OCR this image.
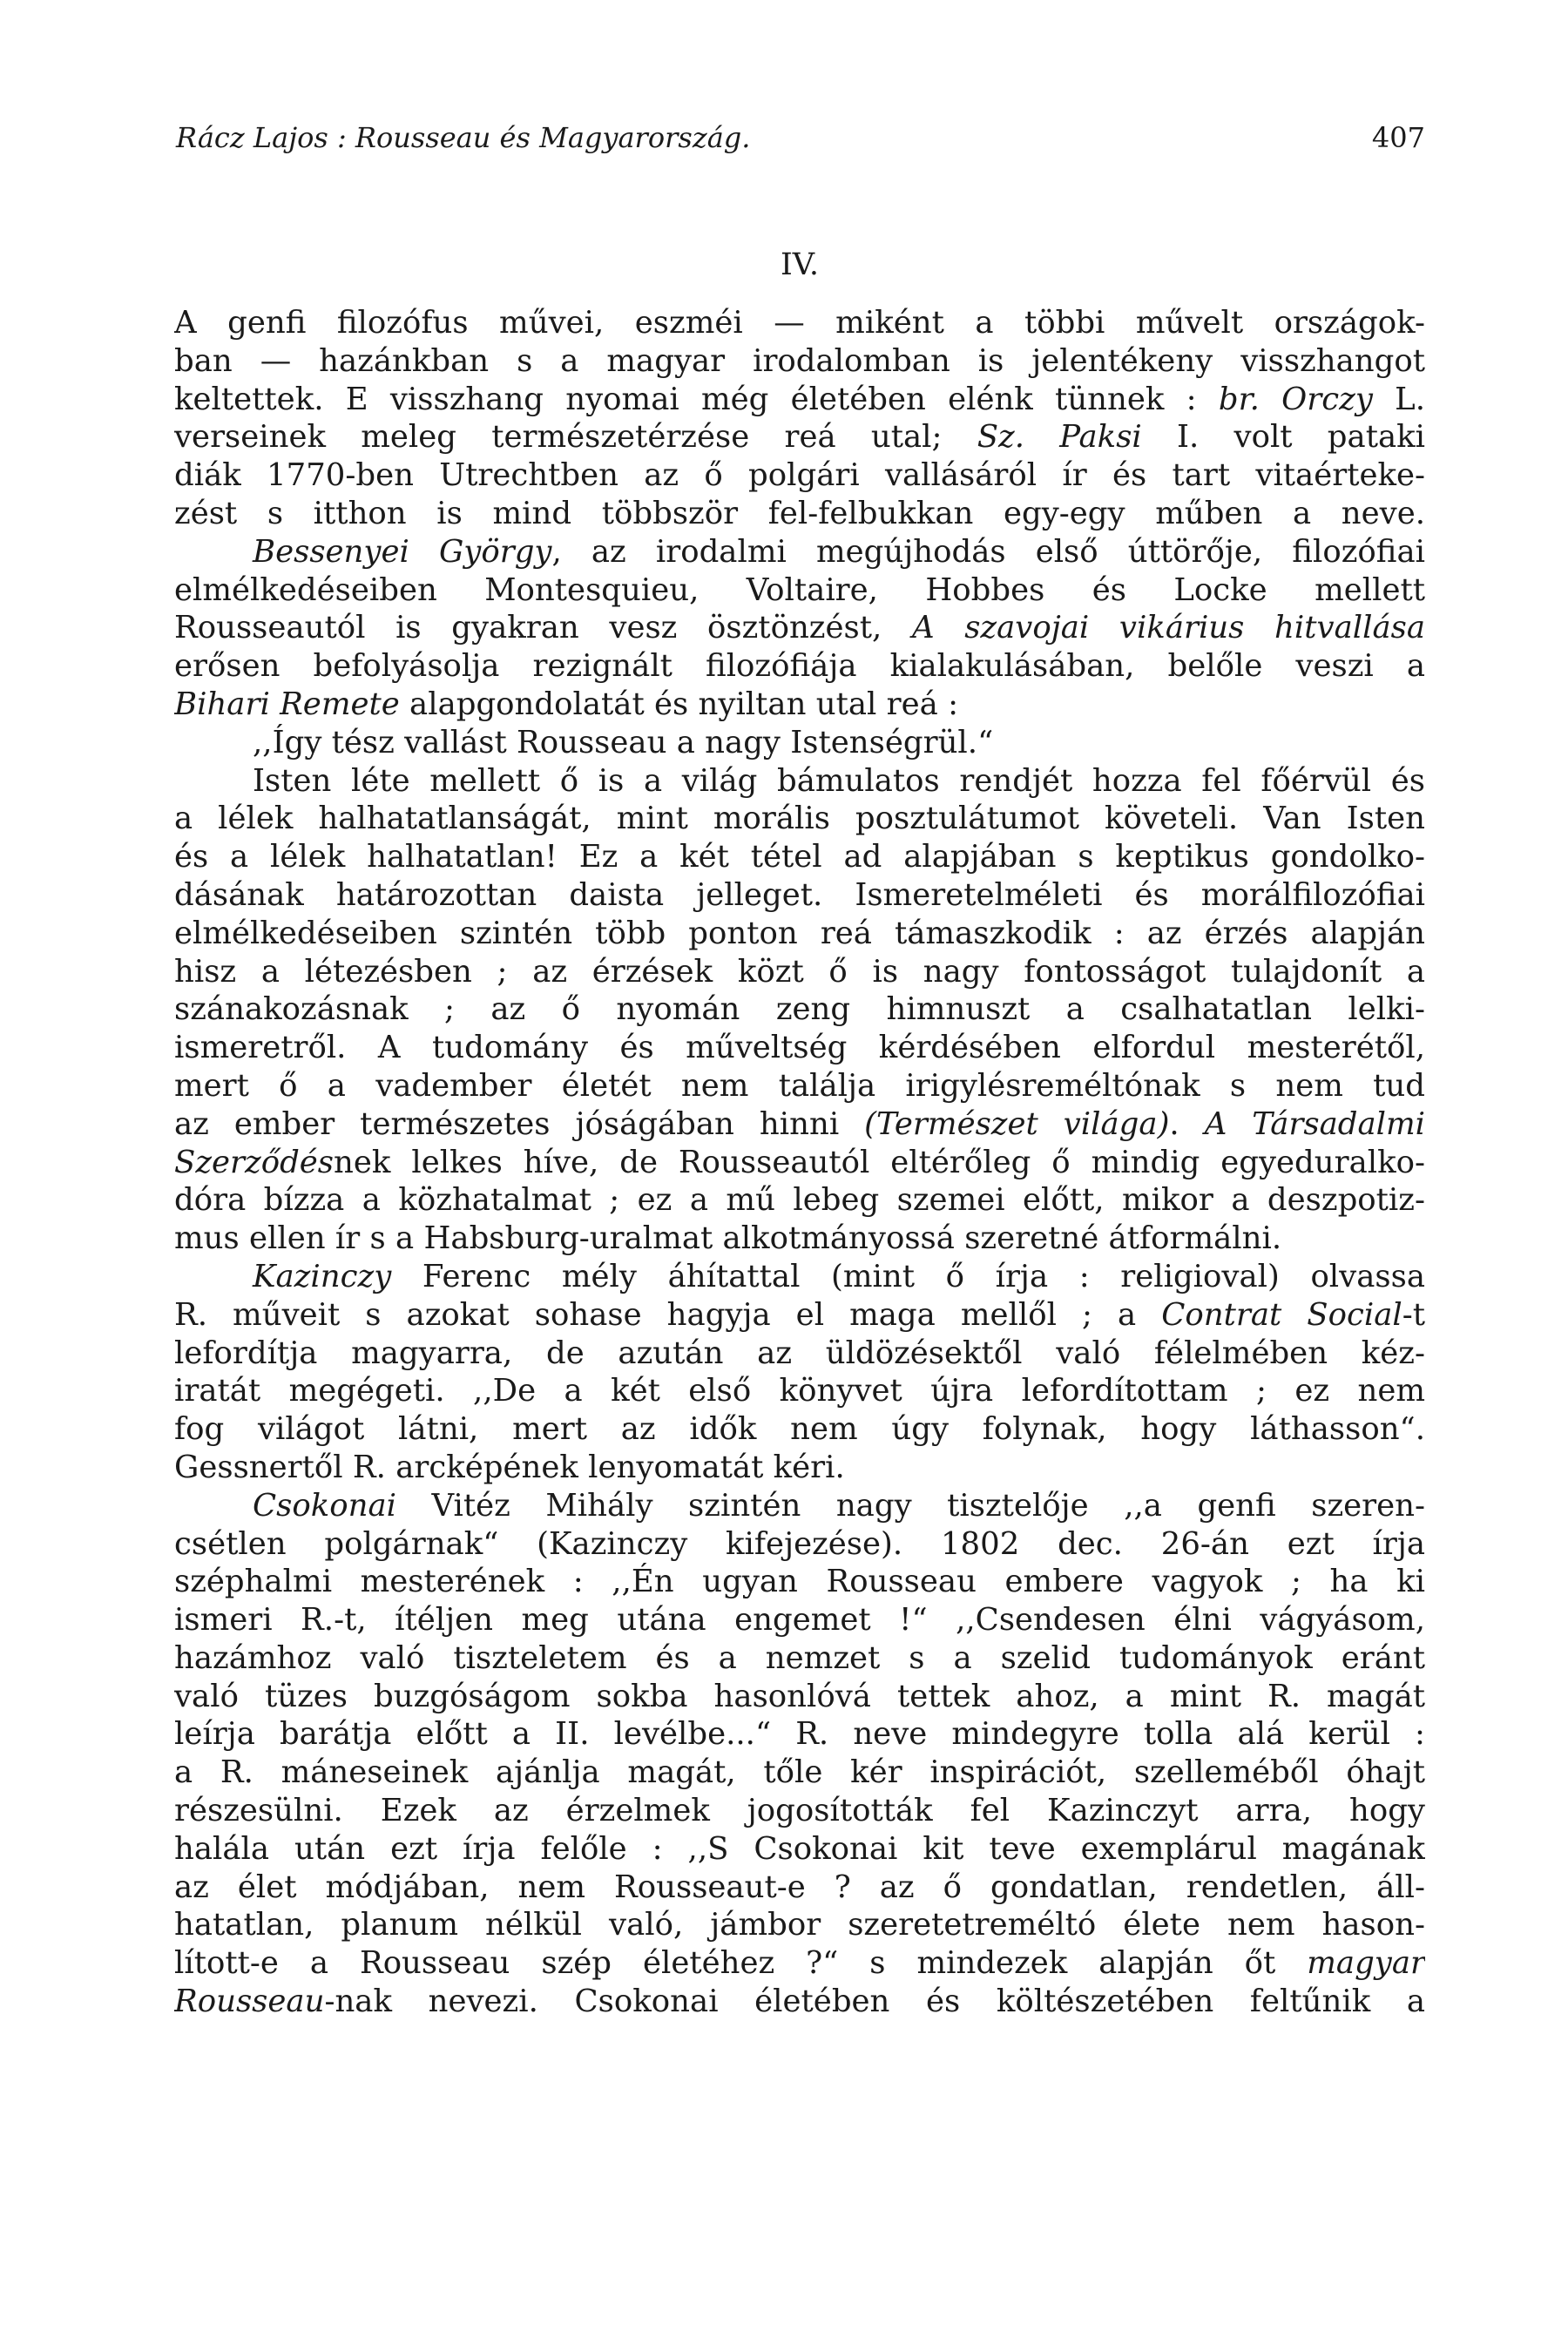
Rácz Lajos : Rousseau és Magyarország.	407
IV.
A genfi filozófus művei, eszméi — miként a többi művelt országok-
ban — hazánkban s a magyar irodalomban is jelentékeny visszhangot
keltettek. E visszhang nyomai még életében elénk tünnek : br. Orczy L.
verseinek meleg természetérzése reá utal; Sz. Paksi I. volt pataki
diák 1770-ben Utrechtben az ő polgári vallásáról ír és tart vitaérteke-
zést s itthon is mind többször fel-felbukkan egy-egy műben a neve.
Bessenyei György, az irodalmi megújhodás első úttörője, filozófiai
elmélkedéseiben Montesquieu, Voltaire, Hobbes és Locke mellett
Rousseautól is gyakran vesz ösztönzést, A szavojai vikárius hitvallása
erősen befolyásolja rezignált filozófiája kialakulásában, belőle veszi a
Bihari Remete alapgondolatát és nyiltan utal reá :
,,Így tész vallást Rousseau a nagy Istenségrül.“
Isten léte mellett ő is a világ bámulatos rendjét hozza fel főérvül és
a lélek halhatatlanságát, mint morális posztulátumot követeli. Van Isten
és a lélek halhatatlan! Ez a két tétel ad alapjában s keptikus gondolko-
dásának határozottan daista jelleget. Ismeretelméleti és morálfilozófiai
elmélkedéseiben szintén több ponton reá támaszkodik : az érzés alapján
hisz a létezésben ; az érzések közt ő is nagy fontosságot tulajdonít a
szánakozásnak ; az ő nyomán zeng himnuszt a csalhatatlan lelki-
ismeretről. A tudomány és műveltség kérdésében elfordul mesterétől,
mert ő a vadember életét nem találja irigylésreméltónak s nem tud
az ember természetes jóságában hinni (Természet világa). A Társadalmi
Szerződésnek lelkes híve, de Rousseautól eltérőleg ő mindig egyeduralko-
dóra bízza a közhatalmat ; ez a mű lebeg szemei előtt, mikor a deszpotiz-
mus ellen ír s a Habsburg-uralmat alkotmányossá szeretné átformálni.
Kazinczy Ferenc mély áhítattal (mint ő írja : religioval) olvassa
R. műveit s azokat sohase hagyja el maga mellől ; a Contrat Social-t
lefordítja magyarra, de azután az üldözésektől való félelmében kéz-
iratát megégeti. ,,De a két első könyvet újra lefordítottam ; ez nem
fog világot látni, mert az idők nem úgy folynak, hogy láthasson“.
Gessnertől R. arcképének lenyomatát kéri.
Csokonai Vitéz Mihály szintén nagy tisztelője ,,a genfi szeren-
csétlen polgárnak“ (Kazinczy kifejezése). 1802 dec. 26-án ezt írja
széphalmi mesterének : ,,Én ugyan Rousseau embere vagyok ; ha ki
ismeri R.-t, ítéljen meg utána engemet !“ ,,Csendesen élni vágyásom,
hazámhoz való tiszteletem és a nemzet s a szelid tudományok eránt
való tüzes buzgóságom sokba hasonlóvá tettek ahoz, a mint R. magát
leírja barátja előtt a II. levélbe...“ R. neve mindegyre tolla alá kerül :
a R. máneseinek ajánlja magát, tőle kér inspirációt, szelleméből óhajt
részesülni. Ezek az érzelmek jogosították fel Kazinczyt arra, hogy
halála után ezt írja felőle : ,,S Csokonai kit teve exemplárul magának
az élet módjában, nem Rousseaut-e ? az ő gondatlan, rendetlen, áll-
hatatlan, planum nélkül való, jámbor szeretetreméltó élete nem hason-
lított-e a Rousseau szép életéhez ?“ s mindezek alapján őt magyar
Rousseau-nak nevezi. Csokonai életében és költészetében feltűnik a
